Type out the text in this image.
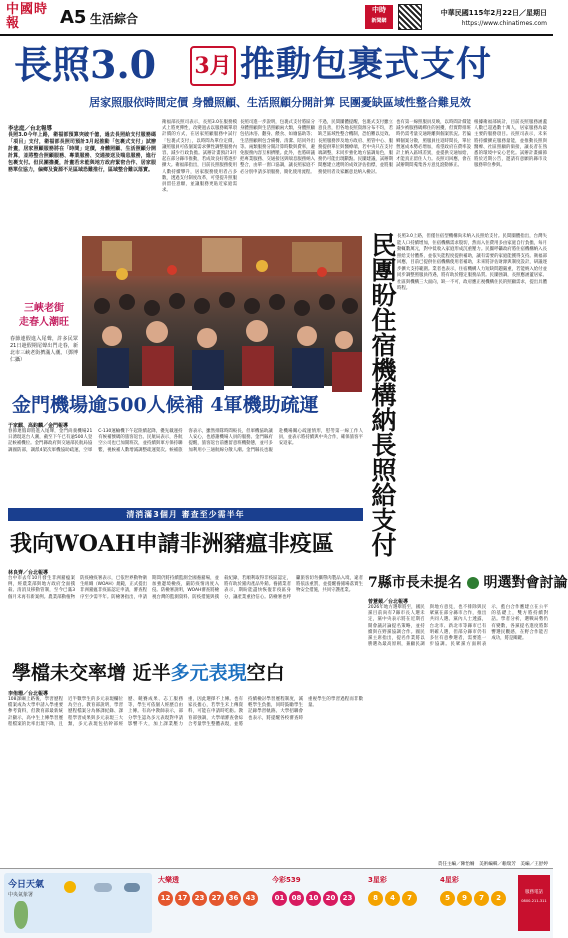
中國時報	A5 生活綜合
中時
新聞網
中華民國115年2月22日／星期日
https://www.chinatimes.com
長照3.0 3月 推動包裹式支付
居家照服依時間定價 身體照顧、生活照顧分開計算 民團憂缺區域性整合難見效
李忠庭／台北報導
長照3.0今年上路，衛福部預算突破千億，過去長照給支付服務碼「項目」支付，衛福部長照司預計3月起推動「包裹式支付」試辦計畫，居家照顧服務將在「時間」定價，身體照顧、生活照顧分開計算，並將整合照顧服務、專業服務、交通接送及喘息服務，進行包裹支付。但民團擔憂，計畫若未能與地方政府緊密合作、居家服務單位協力，偏鄉及資源不足區域恐難推行，區域整合難以落實。
衛福部長照司表示，長照3.0在服務模式上將更彈性，改變過去以服務碼單項計價的方式，在居家照顧服務中試行「包裹式支付」，以時間為單位定價，讓照服員可依個案需求彈性調整服務內容，減少行政負擔。試辦計畫預計3月起在部分縣市推動，若成效良好將逐步擴大。衛福部指出，目前長照服務使用人數持續攀升，居家服務使用者占多數，透過支付制度改革，可望提升照服員留任意願，並讓服務更貼近家庭需求。
長照司進一步說明，包裹式支付將區分身體照顧與生活照顧兩大類，身體照顧包括沐浴、翻身、餵食、如廁協助等；生活照顧則包含備餐、清潔、陪同外出等。兩類服務分開計算時數與費率，避免服務內容互相擠壓。此外，也將研議把專業服務、交通接送與喘息服務納入整合，由單一窗口協調，讓長照家庭不必分別申請多項服務，簡化使用流程。
不過，民間團體提醒，包裹式支付雖立意良善，但各地長照資源分布不均，若缺乏區域性整合機制，恐怕難以見效。長照服務涉及地方政府、照管中心、服務提供單位與醫療端，若中央只在支付端調整，未同步強化地方協調角色，服務仍可能出現斷點。民團建議，試辦期間應建立透明的成效評估指標，並將服務使用者及家屬意見納入檢討。
也有第一線照服員反映，以時間計價能減少被服務碼綁住的困擾，但實際排班時仍需考量交通距離與個案狀況。若偏鄉個案分散，照服員往返時間長，單位營運成本勢必增加，希望政府在費率設計上納入區域差異，並提供交通加給，才能真正留住人力。長照司回應，會在試辦期間蒐集各方意見滾動修正。
根據衛福部統計，目前長照服務涵蓋人數已超過數十萬人，居家服務為最主要的服務項目。長照司表示，未來將持續擴充服務量能，並推動長照與醫療、社區照顧的銜接，讓長者在熟悉的環境中安心老化。試辦計畫細節將於近期公告，邀請有意願的縣市及服務單位參與。
長照3.0上路，但僅住宿型機構尚未納入長照給支付。民間團體指出，台灣失能人口持續增加，住宿機構需求殷切，然而入住費用多由家庭自行負擔，每月動輒數萬元，對中低收入家庭形成沉重壓力。民團呼籲政府將住宿機構納入長照給支付體系，並依失能程度提供補助，讓有需要的家庭能獲得支持。衛福部回應，目前已提供住宿機構使用者補助，未來將評估財源與制度設計，研議逐步擴大支持範圍。業者也表示，住宿機構人力短缺問題嚴重，若能納入給付並同步調整照服員待遇，將有助於穩定服務品質。民團強調，長照應涵蓋居家、社區與機構三大面向，缺一不可，政府應正視機構住民的照顧需求，提出具體時程。
民團盼住宿機構納長照給支付
三峽老街
走春人潮旺
春節連假進入尾聲，許多民眾21日趁假期尾聲出門走春，新北市三峽老街擠滿人潮。（鄧博仁攝）
金門機場逾500人候補 4軍機助疏運
于家麒、高鈞麟／金門報導
春節連假即將進入尾聲，金門尚義機場21日湧現返台人潮，截至下午已有逾500人登記候補機位。金門縣政府與交通部民航局協調國防部，調派4架次軍機協助疏運，空軍C-130運輸機下午起陸續起降，優先載運持有候補號碼的旅客返台。民航局表示，各航空公司也已加開班次，並持續與軍方保持聯繫，視候補人數增減調整疏運架次。候補旅客表示，雖然排隊時間較長，但軍機協助讓人安心，也感謝機場人員的服務。金門縣府提醒，旅客返台前應留意班機動態，並可多加利用小三通航線分散人潮。金門縣長也親赴機場關心疏運情形，慰勞第一線工作人員，並表示將持續與中央合作，確保旅客平安返家。
清消滿3個月 審查至少需半年
我向WOAH申請非洲豬瘟非疫區
林良齊／台北報導
台中市去年10月發生非洲豬瘟案例，經農業部與地方政府全面撲殺、清消及移動管制，至今已滿3個月未再有新案例。農業部動植物防疫檢疫署表示，已依世界動物衛生組織（WOAH）規範，正式提出非洲豬瘟非疫區認定申請，審查程序至少需半年。防檢署指出，申請期間仍將持續監測全國養豬場，並加強邊境檢疫，嚴防疫情再度入侵。防檢署說明，WOAH審查將檢視台灣的監測資料、防疫措施與撲殺紀錄，若順利取得非疫區認定，將有助於豬肉產品外銷。養豬業者表示，期盼能盡快恢復非疫區身分，讓產業重拾信心。防檢署也呼籲旅客切勿攜帶肉製品入境，違者將依法重罰，並提醒養豬場落實生物安全措施，共同守護產業。	7縣市長未提名 明選對會討論
曾薏蘋／台北報導
2026年地方選舉將至，國民黨目前尚有7縣市長人選未定，黨中央表示將在近期召開會議討論提名策略，並持續與在野黨協調合作。國民黨主席指出，提名作業將以勝選為最高原則，兼顧民調與地方意見，也不排除與民眾黨在部分縣市合作，推出共同人選。黨內人士透露，台北市、新北市等縣市已有明確人選，但部分縣市仍有多位有意參選者，需要進一步協調。民眾黨方面則表示，藍白合作應建立在公平的基礎上，雙方將持續對話。學者分析，選戰局勢仍有變數，各黨提名進度將影響選民觀感，在野合作能否成功，將是關鍵。
學檔未交率增 近半多元表現空白
李侑珊／台北報導
108課綱上路後，學習歷程檔案成為大學申請入學重要參考資料，但教育部最新統計顯示，高中生上傳學習歷程檔案的比率出現下降，且近半數學生的多元表現欄位為空白。教育部說明，學習歷程檔案分為修課紀錄、課程學習成果與多元表現三大類，多元表現包括幹部經歷、競賽成果、志工服務等，學生可依個人經歷自由上傳。有高中教師表示，部分學生認為多元表現對申請影響不大，加上課業壓力重，因此選擇不上傳。也有家長擔心，若學生未上傳資料，可能在申請時吃虧。教育部強調，大學端審查會綜合考量學生整體表現，並將持續檢討學習歷程制度，減輕學生負擔，同時鼓勵學生記錄學習軌跡。大學招聯會也表示，將提醒各校審查時重視學生的學習過程而非數量。
責任主編／陳怡姍　美術編輯／賴瑞芳　美編／王舒婷
今日天氣
中央氣象署
大樂透
12	17	23	27	36	43
今彩539
01	08	10	20	23
3星彩
8	4	7
4星彩
5	9	7	2
服務電話
0800-211-311
